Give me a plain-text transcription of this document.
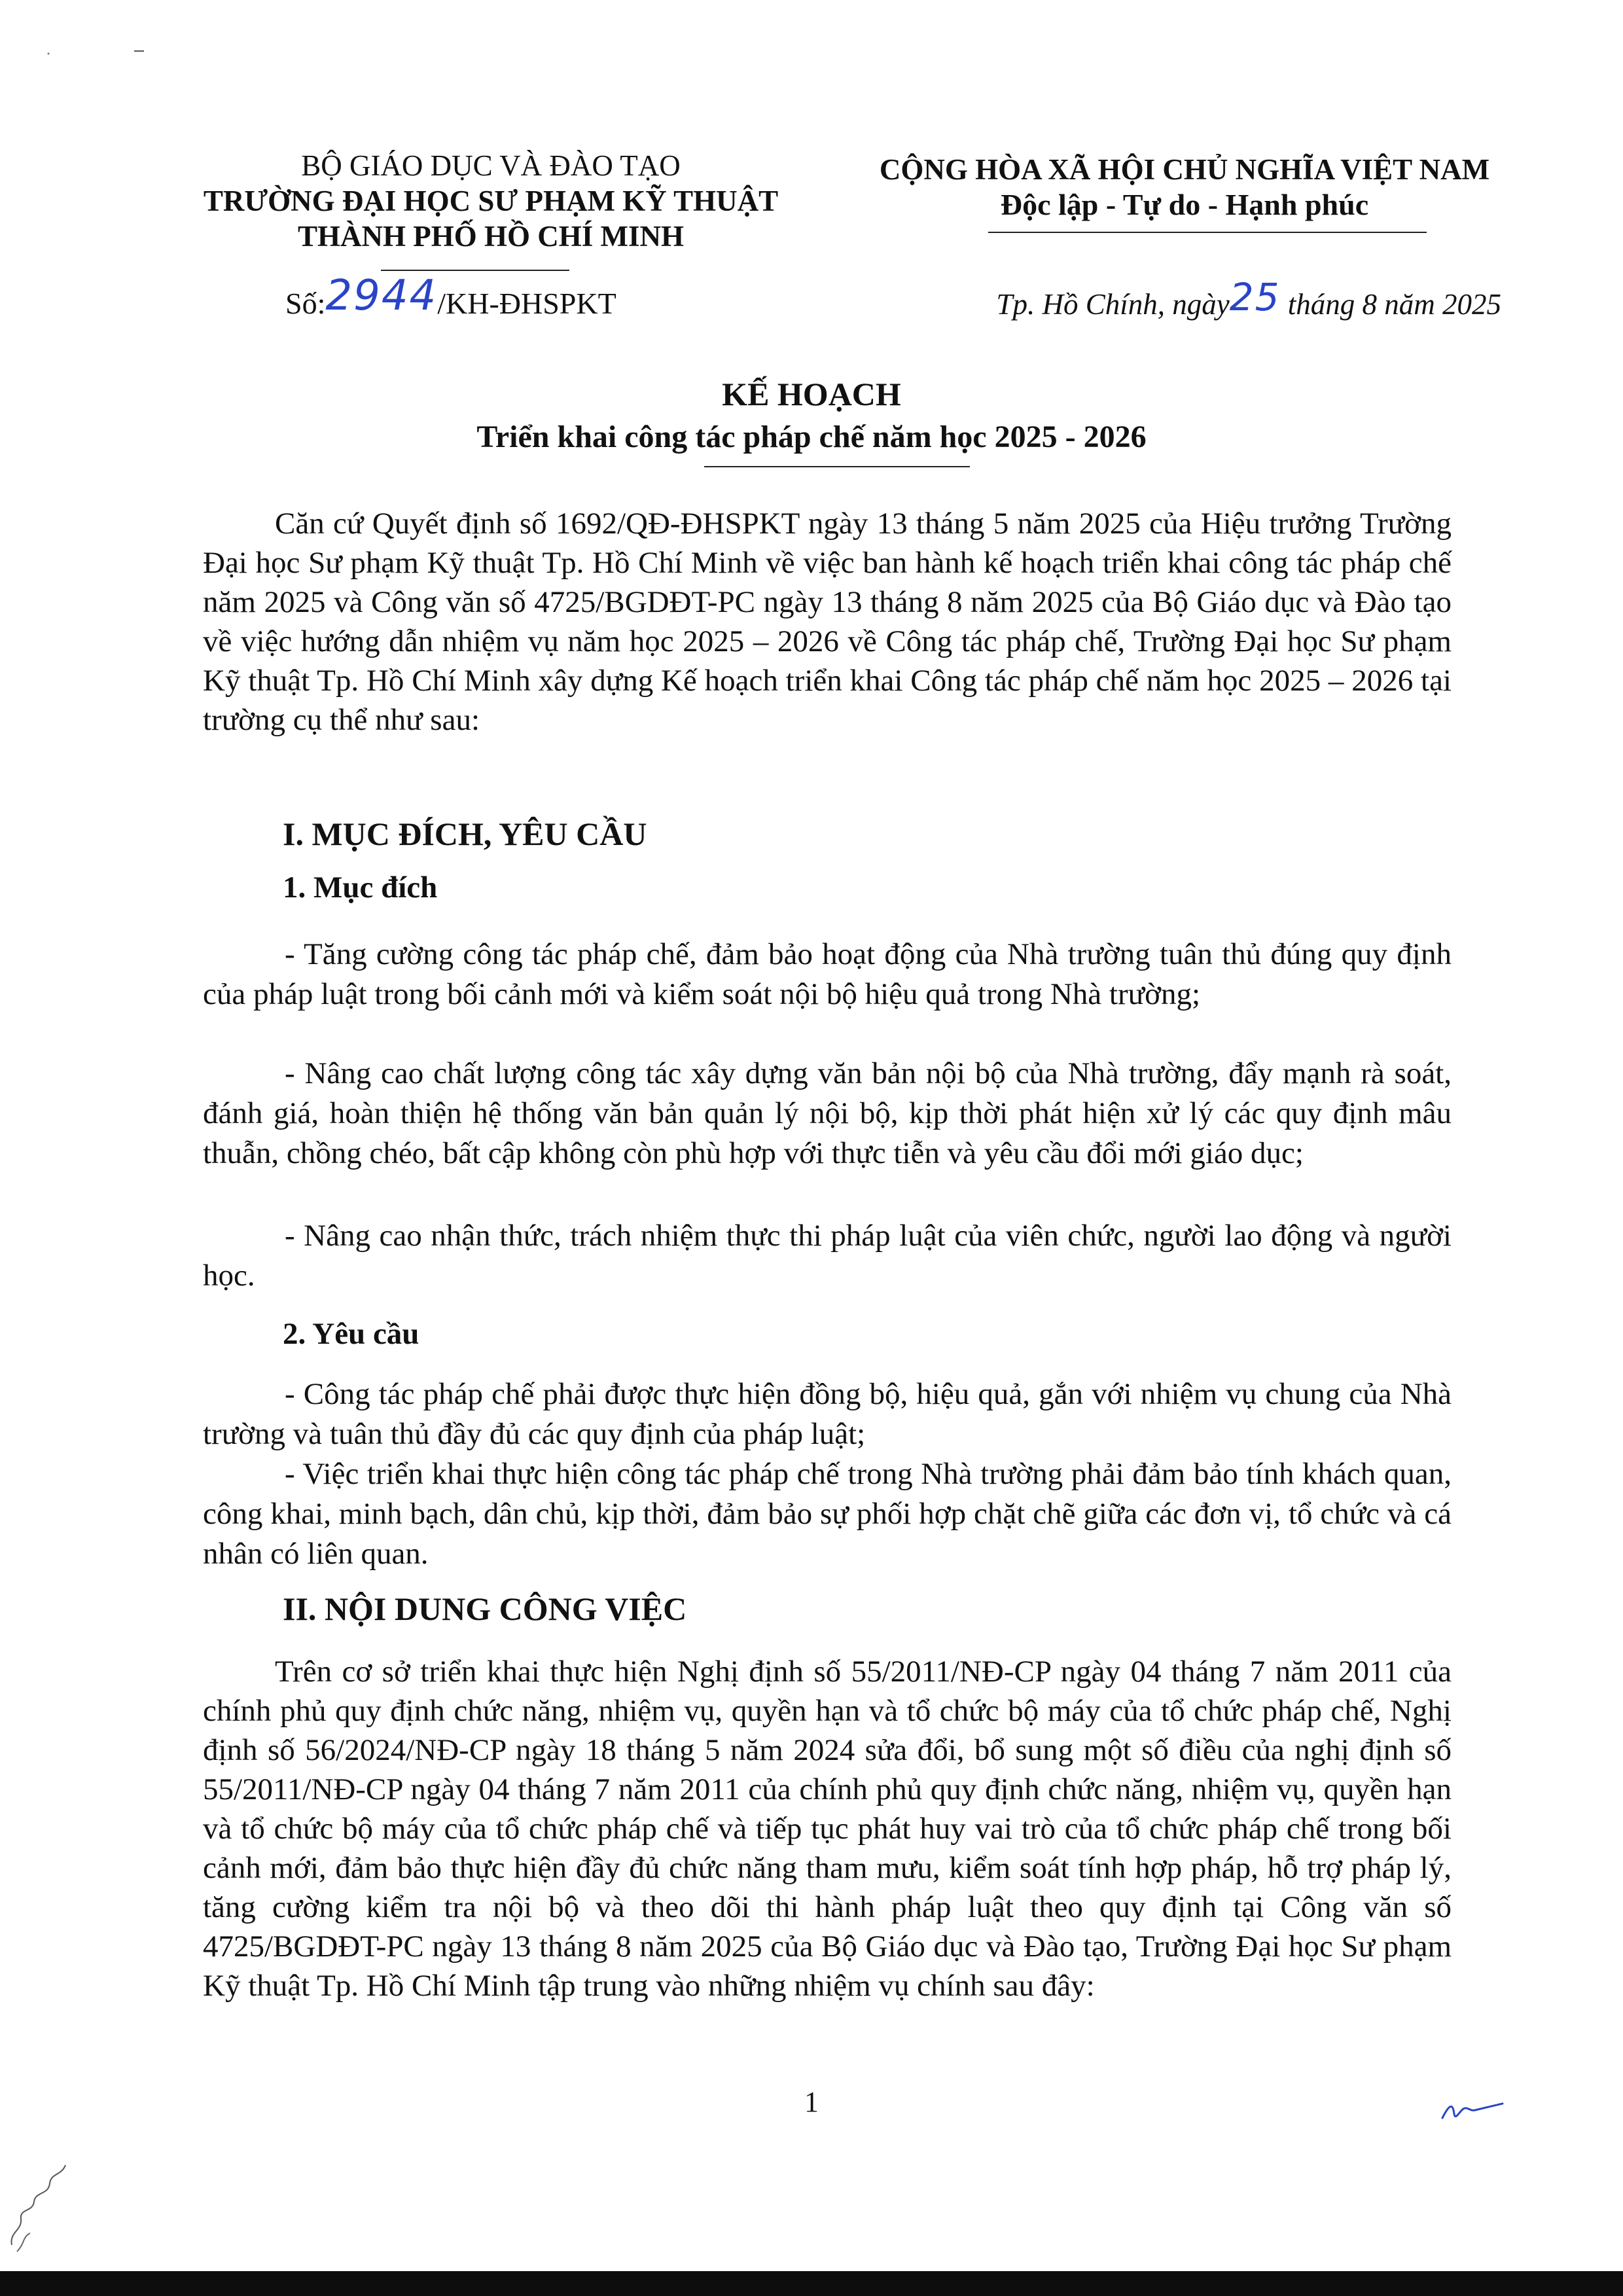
BỘ GIÁO DỤC VÀ ĐÀO TẠO
TRƯỜNG ĐẠI HỌC SƯ PHẠM KỸ THUẬT
THÀNH PHỐ HỒ CHÍ MINH
CỘNG HÒA XÃ HỘI CHỦ NGHĨA VIỆT NAM
Độc lập - Tự do - Hạnh phúc
Số:2944/KH-ĐHSPKT	Tp. Hồ Chính, ngày25 tháng 8 năm 2025
KẾ HOẠCH
Triển khai công tác pháp chế năm học 2025 - 2026
Căn cứ Quyết định số 1692/QĐ-ĐHSPKT ngày 13 tháng 5 năm 2025 của Hiệu trưởng Trường Đại học Sư phạm Kỹ thuật Tp. Hồ Chí Minh về việc ban hành kế hoạch triển khai công tác pháp chế năm 2025 và Công văn số 4725/BGDĐT-PC ngày 13 tháng 8 năm 2025 của Bộ Giáo dục và Đào tạo về việc hướng dẫn nhiệm vụ năm học 2025 – 2026 về Công tác pháp chế, Trường Đại học Sư phạm Kỹ thuật Tp. Hồ Chí Minh xây dựng Kế hoạch triển khai Công tác pháp chế năm học 2025 – 2026 tại trường cụ thể như sau:
I. MỤC ĐÍCH, YÊU CẦU
1. Mục đích
- Tăng cường công tác pháp chế, đảm bảo hoạt động của Nhà trường tuân thủ đúng quy định của pháp luật trong bối cảnh mới và kiểm soát nội bộ hiệu quả trong Nhà trường;
- Nâng cao chất lượng công tác xây dựng văn bản nội bộ của Nhà trường, đẩy mạnh rà soát, đánh giá, hoàn thiện hệ thống văn bản quản lý nội bộ, kịp thời phát hiện xử lý các quy định mâu thuẫn, chồng chéo, bất cập không còn phù hợp với thực tiễn và yêu cầu đổi mới giáo dục;
- Nâng cao nhận thức, trách nhiệm thực thi pháp luật của viên chức, người lao động và người học.
2. Yêu cầu
- Công tác pháp chế phải được thực hiện đồng bộ, hiệu quả, gắn với nhiệm vụ chung của Nhà trường và tuân thủ đầy đủ các quy định của pháp luật;
- Việc triển khai thực hiện công tác pháp chế trong Nhà trường phải đảm bảo tính khách quan, công khai, minh bạch, dân chủ, kịp thời, đảm bảo sự phối hợp chặt chẽ giữa các đơn vị, tổ chức và cá nhân có liên quan.
II. NỘI DUNG CÔNG VIỆC
Trên cơ sở triển khai thực hiện Nghị định số 55/2011/NĐ-CP ngày 04 tháng 7 năm 2011 của chính phủ quy định chức năng, nhiệm vụ, quyền hạn và tổ chức bộ máy của tổ chức pháp chế, Nghị định số 56/2024/NĐ-CP ngày 18 tháng 5 năm 2024 sửa đổi, bổ sung một số điều của nghị định số 55/2011/NĐ-CP ngày 04 tháng 7 năm 2011 của chính phủ quy định chức năng, nhiệm vụ, quyền hạn và tổ chức bộ máy của tổ chức pháp chế và tiếp tục phát huy vai trò của tổ chức pháp chế trong bối cảnh mới, đảm bảo thực hiện đầy đủ chức năng tham mưu, kiểm soát tính hợp pháp, hỗ trợ pháp lý, tăng cường kiểm tra nội bộ và theo dõi thi hành pháp luật theo quy định tại Công văn số 4725/BGDĐT-PC ngày 13 tháng 8 năm 2025 của Bộ Giáo dục và Đào tạo, Trường Đại học Sư phạm Kỹ thuật Tp. Hồ Chí Minh tập trung vào những nhiệm vụ chính sau đây:
1
